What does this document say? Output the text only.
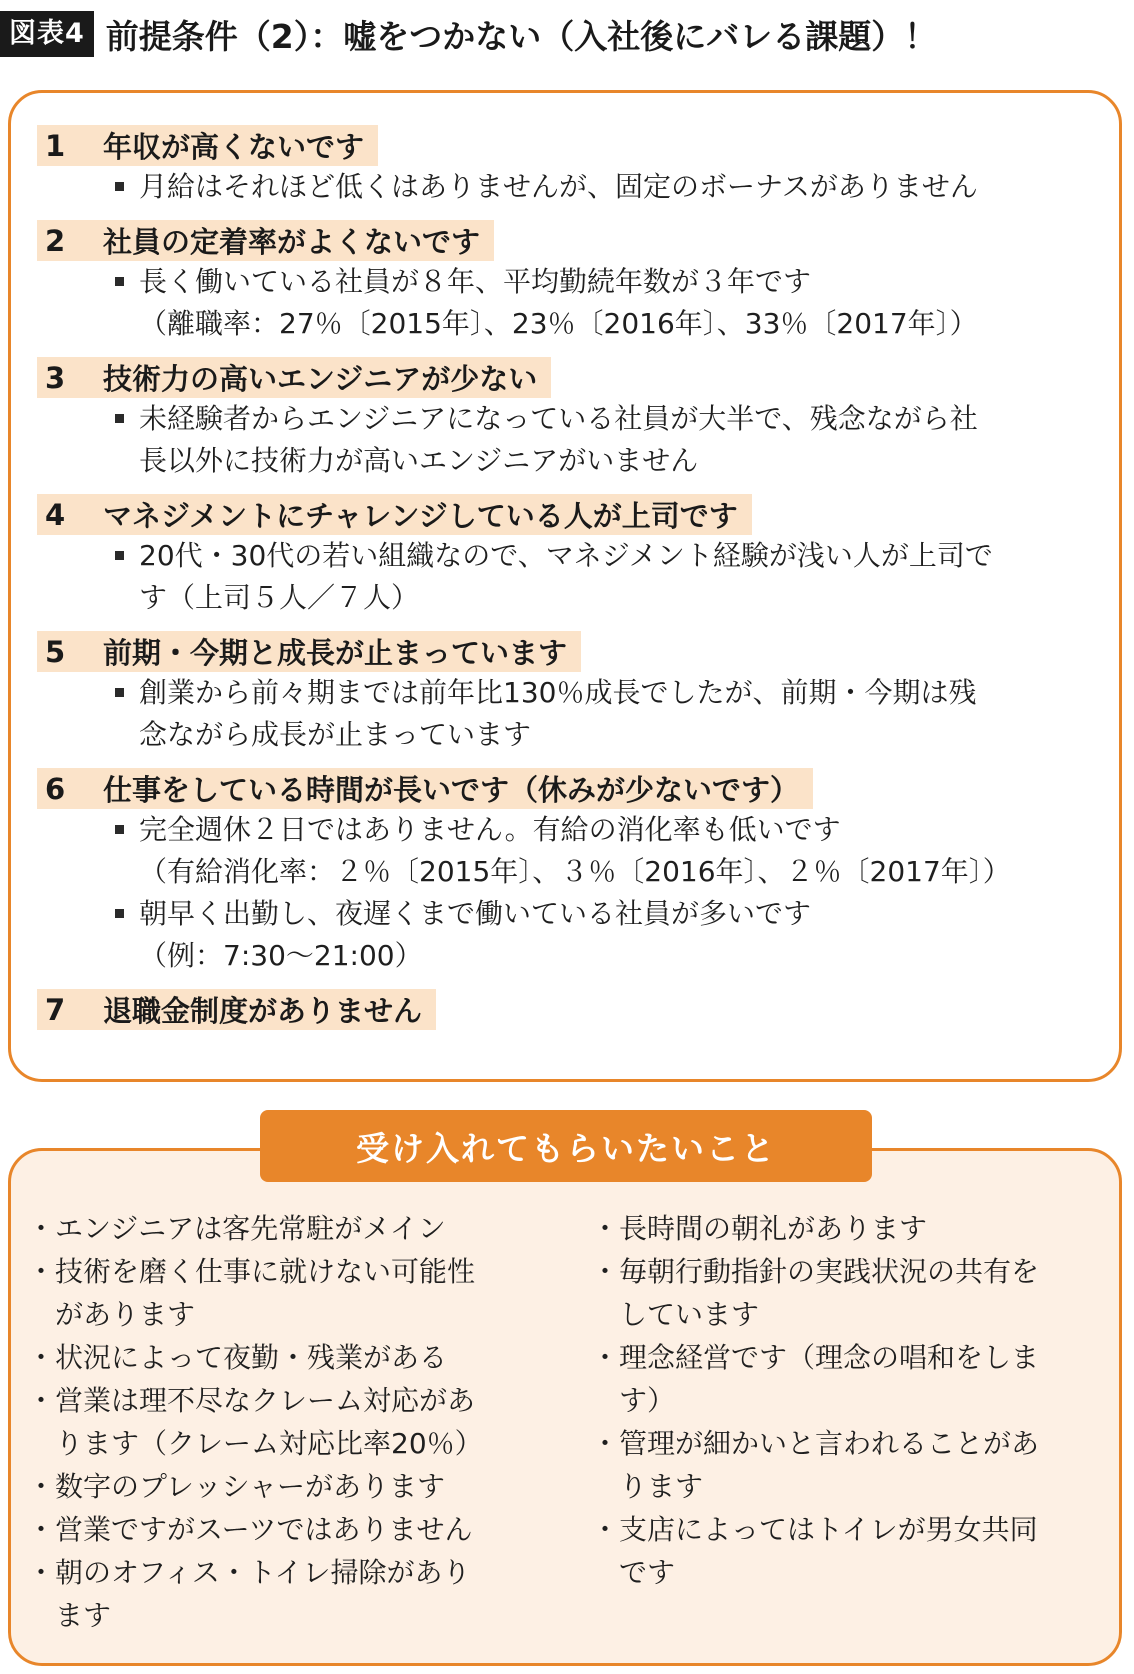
図表4 前提条件（2）：嘘をつかない（入社後にバレる課題）！
1	年収が高くないです
月給はそれほど低くはありませんが、固定のボーナスがありません
2	社員の定着率がよくないです
長く働いている社員が８年、平均勤続年数が３年です
（離職率：27％〔2015年〕、23％〔2016年〕、33％〔2017年〕）
3	技術力の高いエンジニアが少ない
未経験者からエンジニアになっている社員が大半で、残念ながら社
長以外に技術力が高いエンジニアがいません
4	マネジメントにチャレンジしている人が上司です
20代・30代の若い組織なので、マネジメント経験が浅い人が上司で
す（上司５人／７人）
5	前期・今期と成長が止まっています
創業から前々期までは前年比130％成長でしたが、前期・今期は残
念ながら成長が止まっています
6	仕事をしている時間が長いです（休みが少ないです）
完全週休２日ではありません。有給の消化率も低いです
（有給消化率：２％〔2015年〕、３％〔2016年〕、２％〔2017年〕）
朝早く出勤し、夜遅くまで働いている社員が多いです
（例：7:30〜21:00）
7	退職金制度がありません
・ エンジニアは客先常駐がメイン
・ 技術を磨く仕事に就けない可能性
があります
・ 状況によって夜勤・残業がある
・ 営業は理不尽なクレーム対応があ
ります（クレーム対応比率20％）
・ 数字のプレッシャーがあります
・ 営業ですがスーツではありません
・ 朝のオフィス・トイレ掃除があり
ます
・ 長時間の朝礼があります
・ 毎朝行動指針の実践状況の共有を
しています
・ 理念経営です（理念の唱和をしま
す）
・ 管理が細かいと言われることがあ
ります
・ 支店によってはトイレが男女共同
です
受け入れてもらいたいこと
